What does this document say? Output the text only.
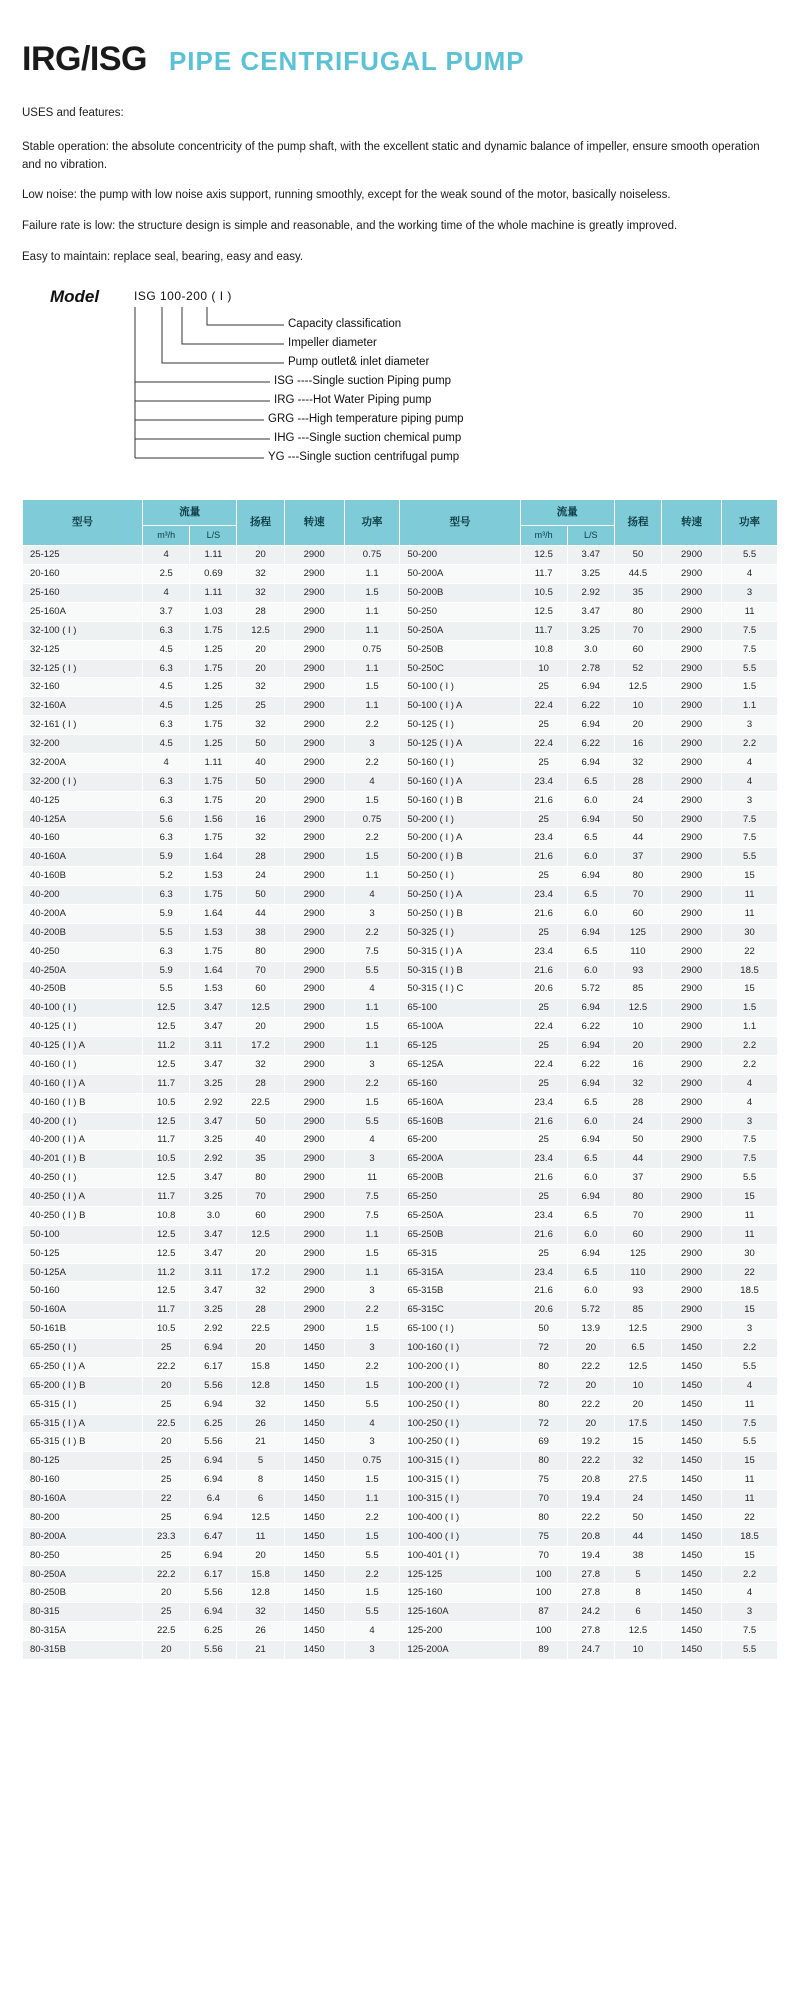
IRG/ISG PIPE CENTRIFUGAL PUMP

USES and features:

Stable operation: the absolute concentricity of the pump shaft, with the excellent static and dynamic balance of impeller, ensure smooth operation and no vibration.

Low noise: the pump with low noise axis support, running smoothly, except for the weak sound of the motor, basically noiseless.

Failure rate is low: the structure design is simple and reasonable, and the working time of the whole machine is greatly improved.

Easy to maintain: replace seal, bearing, easy and easy.

Model	ISG 100-200 ( I )
Capacity classification
Impeller diameter
Pump outlet& inlet diameter
ISG ----Single suction Piping pump
IRG ----Hot Water Piping pump
GRG ---High temperature piping pump
IHG ---Single suction chemical pump
YG ---Single suction centrifugal pump
型号	流量		扬程	转速	功率	型号	流量		扬程	转速	功率
	m³/h	L/S					m³/h	L/S			
25-125	4	1.11	20	2900	0.75	50-200	12.5	3.47	50	2900	5.5
20-160	2.5	0.69	32	2900	1.1	50-200A	11.7	3.25	44.5	2900	4
25-160	4	1.11	32	2900	1.5	50-200B	10.5	2.92	35	2900	3
25-160A	3.7	1.03	28	2900	1.1	50-250	12.5	3.47	80	2900	11
32-100 ( I )	6.3	1.75	12.5	2900	1.1	50-250A	11.7	3.25	70	2900	7.5
32-125	4.5	1.25	20	2900	0.75	50-250B	10.8	3.0	60	2900	7.5
32-125 ( I )	6.3	1.75	20	2900	1.1	50-250C	10	2.78	52	2900	5.5
32-160	4.5	1.25	32	2900	1.5	50-100 ( I )	25	6.94	12.5	2900	1.5
32-160A	4.5	1.25	25	2900	1.1	50-100 ( I ) A	22.4	6.22	10	2900	1.1
32-161 ( I )	6.3	1.75	32	2900	2.2	50-125 ( I )	25	6.94	20	2900	3
32-200	4.5	1.25	50	2900	3	50-125 ( I ) A	22.4	6.22	16	2900	2.2
32-200A	4	1.11	40	2900	2.2	50-160 ( I )	25	6.94	32	2900	4
32-200 ( I )	6.3	1.75	50	2900	4	50-160 ( I ) A	23.4	6.5	28	2900	4
40-125	6.3	1.75	20	2900	1.5	50-160 ( I ) B	21.6	6.0	24	2900	3
40-125A	5.6	1.56	16	2900	0.75	50-200 ( I )	25	6.94	50	2900	7.5
40-160	6.3	1.75	32	2900	2.2	50-200 ( I ) A	23.4	6.5	44	2900	7.5
40-160A	5.9	1.64	28	2900	1.5	50-200 ( I ) B	21.6	6.0	37	2900	5.5
40-160B	5.2	1.53	24	2900	1.1	50-250 ( I )	25	6.94	80	2900	15
40-200	6.3	1.75	50	2900	4	50-250 ( I ) A	23.4	6.5	70	2900	11
40-200A	5.9	1.64	44	2900	3	50-250 ( I ) B	21.6	6.0	60	2900	11
40-200B	5.5	1.53	38	2900	2.2	50-325 ( I )	25	6.94	125	2900	30
40-250	6.3	1.75	80	2900	7.5	50-315 ( I ) A	23.4	6.5	110	2900	22
40-250A	5.9	1.64	70	2900	5.5	50-315 ( I ) B	21.6	6.0	93	2900	18.5
40-250B	5.5	1.53	60	2900	4	50-315 ( I ) C	20.6	5.72	85	2900	15
40-100 ( I )	12.5	3.47	12.5	2900	1.1	65-100	25	6.94	12.5	2900	1.5
40-125 ( I )	12.5	3.47	20	2900	1.5	65-100A	22.4	6.22	10	2900	1.1
40-125 ( I ) A	11.2	3.11	17.2	2900	1.1	65-125	25	6.94	20	2900	2.2
40-160 ( I )	12.5	3.47	32	2900	3	65-125A	22.4	6.22	16	2900	2.2
40-160 ( I ) A	11.7	3.25	28	2900	2.2	65-160	25	6.94	32	2900	4
40-160 ( I ) B	10.5	2.92	22.5	2900	1.5	65-160A	23.4	6.5	28	2900	4
40-200 ( I )	12.5	3.47	50	2900	5.5	65-160B	21.6	6.0	24	2900	3
40-200 ( I ) A	11.7	3.25	40	2900	4	65-200	25	6.94	50	2900	7.5
40-201 ( I ) B	10.5	2.92	35	2900	3	65-200A	23.4	6.5	44	2900	7.5
40-250 ( I )	12.5	3.47	80	2900	11	65-200B	21.6	6.0	37	2900	5.5
40-250 ( I ) A	11.7	3.25	70	2900	7.5	65-250	25	6.94	80	2900	15
40-250 ( I ) B	10.8	3.0	60	2900	7.5	65-250A	23.4	6.5	70	2900	11
50-100	12.5	3.47	12.5	2900	1.1	65-250B	21.6	6.0	60	2900	11
50-125	12.5	3.47	20	2900	1.5	65-315	25	6.94	125	2900	30
50-125A	11.2	3.11	17.2	2900	1.1	65-315A	23.4	6.5	110	2900	22
50-160	12.5	3.47	32	2900	3	65-315B	21.6	6.0	93	2900	18.5
50-160A	11.7	3.25	28	2900	2.2	65-315C	20.6	5.72	85	2900	15
50-161B	10.5	2.92	22.5	2900	1.5	65-100 ( I )	50	13.9	12.5	2900	3
65-250 ( I )	25	6.94	20	1450	3	100-160 ( I )	72	20	6.5	1450	2.2
65-250 ( I ) A	22.2	6.17	15.8	1450	2.2	100-200 ( I )	80	22.2	12.5	1450	5.5
65-200 ( I ) B	20	5.56	12.8	1450	1.5	100-200 ( I )	72	20	10	1450	4
65-315 ( I )	25	6.94	32	1450	5.5	100-250 ( I )	80	22.2	20	1450	11
65-315 ( I ) A	22.5	6.25	26	1450	4	100-250 ( I )	72	20	17.5	1450	7.5
65-315 ( I ) B	20	5.56	21	1450	3	100-250 ( I )	69	19.2	15	1450	5.5
80-125	25	6.94	5	1450	0.75	100-315 ( I )	80	22.2	32	1450	15
80-160	25	6.94	8	1450	1.5	100-315 ( I )	75	20.8	27.5	1450	11
80-160A	22	6.4	6	1450	1.1	100-315 ( I )	70	19.4	24	1450	11
80-200	25	6.94	12.5	1450	2.2	100-400 ( I )	80	22.2	50	1450	22
80-200A	23.3	6.47	11	1450	1.5	100-400 ( I )	75	20.8	44	1450	18.5
80-250	25	6.94	20	1450	5.5	100-401 ( I )	70	19.4	38	1450	15
80-250A	22.2	6.17	15.8	1450	2.2	125-125	100	27.8	5	1450	2.2
80-250B	20	5.56	12.8	1450	1.5	125-160	100	27.8	8	1450	4
80-315	25	6.94	32	1450	5.5	125-160A	87	24.2	6	1450	3
80-315A	22.5	6.25	26	1450	4	125-200	100	27.8	12.5	1450	7.5
80-315B	20	5.56	21	1450	3	125-200A	89	24.7	10	1450	5.5
